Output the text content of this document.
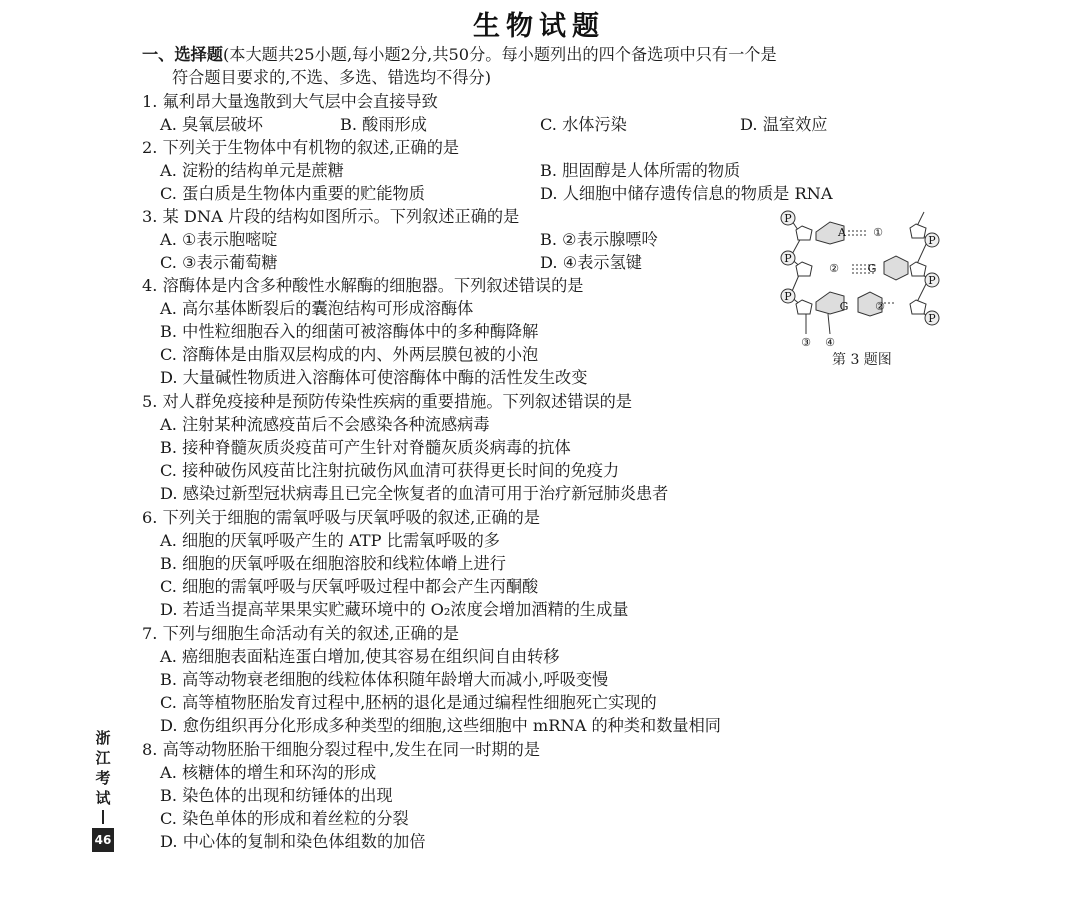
生物试题
一、选择题(本大题共25小题,每小题2分,共50分。每小题列出的四个备选项中只有一个是
符合题目要求的,不选、多选、错选均不得分)
1. 氟利昂大量逸散到大气层中会直接导致
A. 臭氧层破坏	B. 酸雨形成	C. 水体污染	D. 温室效应
2. 下列关于生物体中有机物的叙述,正确的是
A. 淀粉的结构单元是蔗糖	B. 胆固醇是人体所需的物质
C. 蛋白质是生物体内重要的贮能物质	D. 人细胞中储存遗传信息的物质是 RNA
3. 某 DNA 片段的结构如图所示。下列叙述正确的是
A. ①表示胞嘧啶	B. ②表示腺嘌呤
C. ③表示葡萄糖	D. ④表示氢键
4. 溶酶体是内含多种酸性水解酶的细胞器。下列叙述错误的是
A. 高尔基体断裂后的囊泡结构可形成溶酶体
B. 中性粒细胞吞入的细菌可被溶酶体中的多种酶降解
C. 溶酶体是由脂双层构成的内、外两层膜包被的小泡
D. 大量碱性物质进入溶酶体可使溶酶体中酶的活性发生改变
5. 对人群免疫接种是预防传染性疾病的重要措施。下列叙述错误的是
A. 注射某种流感疫苗后不会感染各种流感病毒
B. 接种脊髓灰质炎疫苗可产生针对脊髓灰质炎病毒的抗体
C. 接种破伤风疫苗比注射抗破伤风血清可获得更长时间的免疫力
D. 感染过新型冠状病毒且已完全恢复者的血清可用于治疗新冠肺炎患者
6. 下列关于细胞的需氧呼吸与厌氧呼吸的叙述,正确的是
A. 细胞的厌氧呼吸产生的 ATP 比需氧呼吸的多
B. 细胞的厌氧呼吸在细胞溶胶和线粒体嵴上进行
C. 细胞的需氧呼吸与厌氧呼吸过程中都会产生丙酮酸
D. 若适当提高苹果果实贮藏环境中的 O₂浓度会增加酒精的生成量
7. 下列与细胞生命活动有关的叙述,正确的是
A. 癌细胞表面粘连蛋白增加,使其容易在组织间自由转移
B. 高等动物衰老细胞的线粒体体积随年龄增大而减小,呼吸变慢
C. 高等植物胚胎发育过程中,胚柄的退化是通过编程性细胞死亡实现的
D. 愈伤组织再分化形成多种类型的细胞,这些细胞中 mRNA 的种类和数量相同
8. 高等动物胚胎干细胞分裂过程中,发生在同一时期的是
A. 核糖体的增生和环沟的形成
B. 染色体的出现和纺锤体的出现
C. 染色单体的形成和着丝粒的分裂
D. 中心体的复制和染色体组数的加倍
P
P
P
P
P
P
A ①
②	G
G ②
③ ④
第 3 题图
浙
江
考
试
46
